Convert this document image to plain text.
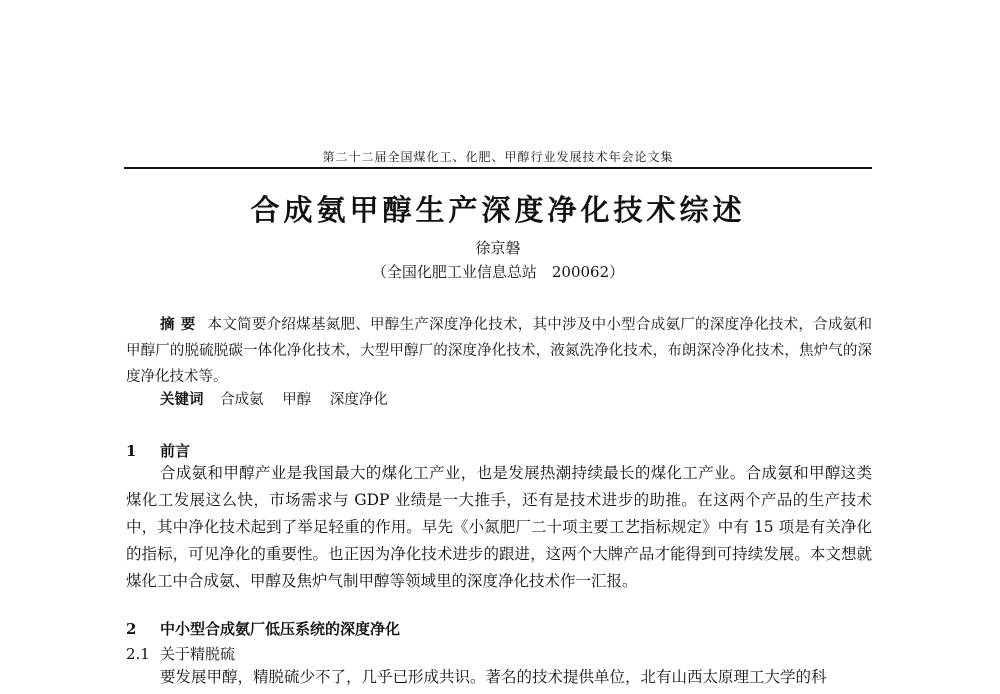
第二十二届全国煤化工、化肥、甲醇行业发展技术年会论文集
合成氨甲醇生产深度净化技术综述
徐京磐
（全国化肥工业信息总站　200062）
摘要 本文简要介绍煤基氮肥、甲醇生产深度净化技术，其中涉及中小型合成氨厂的深度净化技术，合成氨和甲醇厂的脱硫脱碳一体化净化技术，大型甲醇厂的深度净化技术，液氮洗净化技术，布朗深冷净化技术，焦炉气的深度净化技术等。
关键词 合成氨 甲醇 深度净化
1 前言
合成氨和甲醇产业是我国最大的煤化工产业，也是发展热潮持续最长的煤化工产业。合成氨和甲醇这类煤化工发展这么快，市场需求与 GDP 业绩是一大推手，还有是技术进步的助推。在这两个产品的生产技术中，其中净化技术起到了举足轻重的作用。早先《小氮肥厂二十项主要工艺指标规定》中有 15 项是有关净化的指标，可见净化的重要性。也正因为净化技术进步的跟进，这两个大牌产品才能得到可持续发展。本文想就煤化工中合成氨、甲醇及焦炉气制甲醇等领域里的深度净化技术作一汇报。
2 中小型合成氨厂低压系统的深度净化
2.1 关于精脱硫
要发展甲醇，精脱硫少不了，几乎已形成共识。著名的技术提供单位，北有山西太原理工大学的科
